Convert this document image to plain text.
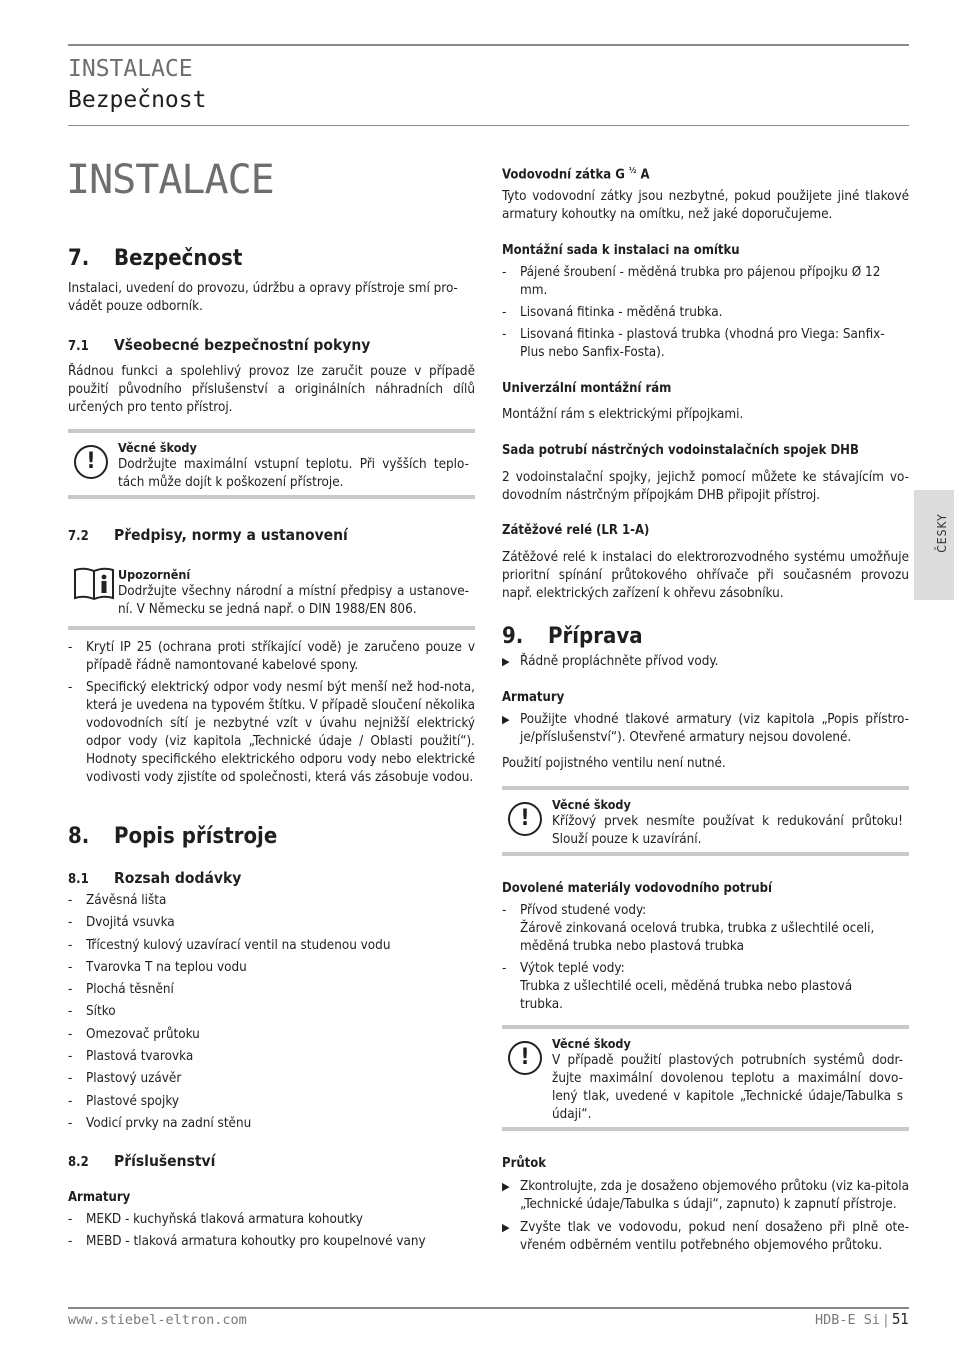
INSTALACE
Bezpečnost
INSTALACE
7. Bezpečnost

Instalaci, uvedení do provozu, údržbu a opravy přístroje smí pro-vádět pouze odborník.

7.1 Všeobecné bezpečnostní pokyny

Řádnou funkci a spolehlivý provoz lze zaručit pouze v případě použití původního příslušenství a originálních náhradních dílů určených pro tento přístroj.

!
Věcné škody
Dodržujte maximální vstupní teplotu. Při vyšších teplo-tách může dojít k poškození přístroje.
7.2 Předpisy, normy a ustanovení
Upozornění
Dodržujte všechny národní a místní předpisy a ustanove-ní. V Německu se jedná např. o DIN 1988/EN 806.
- Krytí IP 25 (ochrana proti stříkající vodě) je zaručeno pouze v případě řádně namontované kabelové spony.
- Specifický elektrický odpor vody nesmí být menší než hod-nota, která je uvedena na typovém štítku. V případě sloučení několika vodovodních sítí je nezbytné vzít v úvahu nejnižší elektrický odpor vody (viz kapitola „Technické údaje / Oblasti použití“). Hodnoty specifického elektrického odporu vody nebo elektrické vodivosti vody zjistíte od společnosti, která vás zásobuje vodou.
8. Popis přístroje
8.1 Rozsah dodávky
- Závěsná lišta
- Dvojitá vsuvka
- Třícestný kulový uzavírací ventil na studenou vodu
- Tvarovka T na teplou vodu
- Plochá těsnění
- Sítko
- Omezovač průtoku
- Plastová tvarovka
- Plastový uzávěr
- Plastové spojky
- Vodicí prvky na zadní stěnu
8.2 Příslušenství
Armatury
- MEKD - kuchyňská tlaková armatura kohoutky
- MEBD - tlaková armatura kohoutky pro koupelnové vany
Vodovodní zátka G $^{\frac{1}{2}}$ A

Tyto vodovodní zátky jsou nezbytné, pokud použijete jiné tlakové armatury kohoutky na omítku, než jaké doporučujeme.

Montážní sada k instalaci na omítku
- Pájené šroubení - měděná trubka pro pájenou přípojku Ø 12 mm.
- Lisovaná fitinka - měděná trubka.
- Lisovaná fitinka - plastová trubka (vhodná pro Viega: Sanfix-Plus nebo Sanfix-Fosta).
Univerzální montážní rám

Montážní rám s elektrickými přípojkami.

Sada potrubí nástrčných vodoinstalačních spojek DHB

2 vodoinstalační spojky, jejichž pomocí můžete ke stávajícím vo-dovodním nástrčným přípojkám DHB připojit přístroj.

Zátěžové relé (LR 1-A)

Zátěžové relé k instalaci do elektrorozvodného systému umožňuje prioritní spínání průtokového ohřívače při současném provozu např. elektrických zařízení k ohřevu zásobníku.

9. Příprava
▶ Řádně propláchněte přívod vody.
Armatury
▶ Použijte vhodné tlakové armatury (viz kapitola „Popis přístro-je/příslušenství“). Otevřené armatury nejsou dovolené.

Použití pojistného ventilu není nutné.

!
Věcné škody
Křížový prvek nesmíte používat k redukování průtoku! Slouží pouze k uzavírání.
Dovolené materiály vodovodního potrubí
- Přívod studené vody:
Žárově zinkovaná ocelová trubka, trubka z ušlechtilé oceli, měděná trubka nebo plastová trubka
- Výtok teplé vody:
Trubka z ušlechtilé oceli, měděná trubka nebo plastová trubka.
!
Věcné škody
V případě použití plastových potrubních systémů dodr-žujte maximální dovolenou teplotu a maximální dovo-lený tlak, uvedené v kapitole „Technické údaje/Tabulka s údaji“.
Průtok
▶ Zkontrolujte, zda je dosaženo objemového průtoku (viz ka-pitola „Technické údaje/Tabulka s údaji“, zapnuto) k zapnutí přístroje.
▶ Zvyšte tlak ve vodovodu, pokud není dosaženo při plně ote-vřeném odběrném ventilu potřebného objemového průtoku.
ČESKY
www.stiebel-eltron.com	HDB-E Si | 51
